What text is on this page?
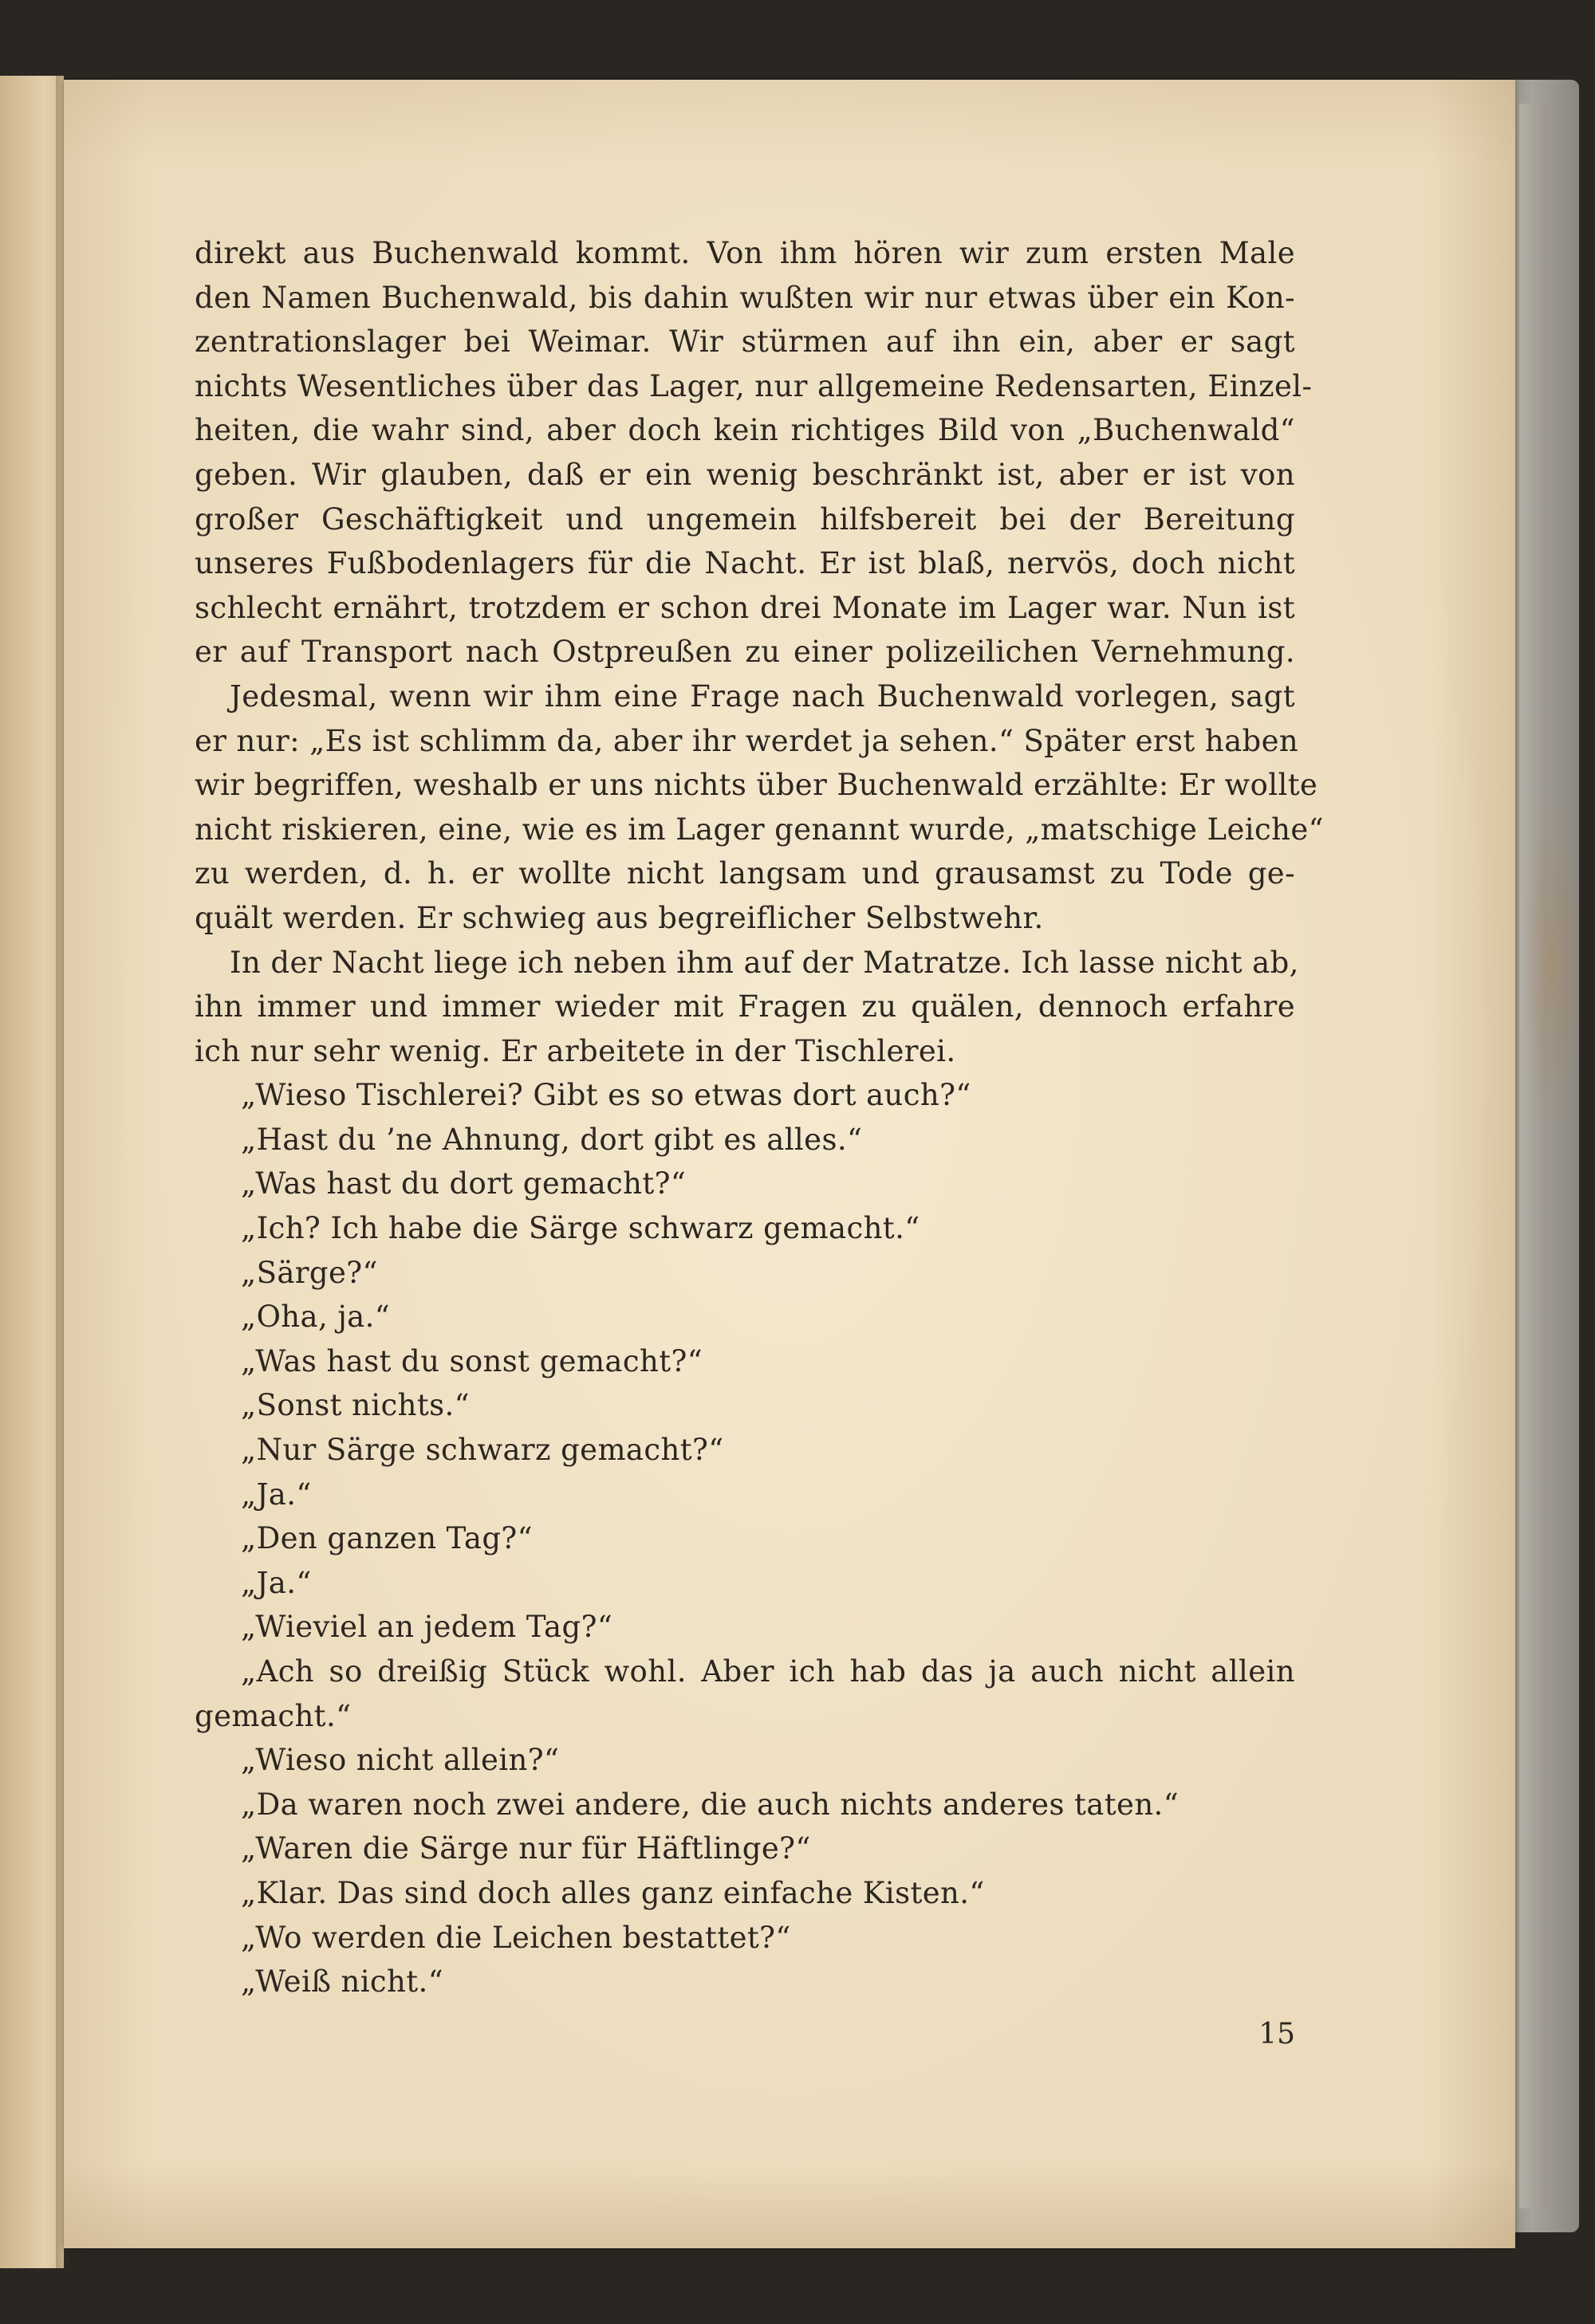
direkt aus Buchenwald kommt. Von ihm hören wir zum ersten Male
den Namen Buchenwald, bis dahin wußten wir nur etwas über ein Kon-
zentrationslager bei Weimar. Wir stürmen auf ihn ein, aber er sagt
nichts Wesentliches über das Lager, nur allgemeine Redensarten, Einzel-
heiten, die wahr sind, aber doch kein richtiges Bild von „Buchenwald“
geben. Wir glauben, daß er ein wenig beschränkt ist, aber er ist von
großer Geschäftigkeit und ungemein hilfsbereit bei der Bereitung
unseres Fußbodenlagers für die Nacht. Er ist blaß, nervös, doch nicht
schlecht ernährt, trotzdem er schon drei Monate im Lager war. Nun ist
er auf Transport nach Ostpreußen zu einer polizeilichen Vernehmung.
Jedesmal, wenn wir ihm eine Frage nach Buchenwald vorlegen, sagt
er nur: „Es ist schlimm da, aber ihr werdet ja sehen.“ Später erst haben
wir begriffen, weshalb er uns nichts über Buchenwald erzählte: Er wollte
nicht riskieren, eine, wie es im Lager genannt wurde, „matschige Leiche“
zu werden, d. h. er wollte nicht langsam und grausamst zu Tode ge-
quält werden. Er schwieg aus begreiflicher Selbstwehr.
In der Nacht liege ich neben ihm auf der Matratze. Ich lasse nicht ab,
ihn immer und immer wieder mit Fragen zu quälen, dennoch erfahre
ich nur sehr wenig. Er arbeitete in der Tischlerei.
„Wieso Tischlerei? Gibt es so etwas dort auch?“
„Hast du ’ne Ahnung, dort gibt es alles.“
„Was hast du dort gemacht?“
„Ich? Ich habe die Särge schwarz gemacht.“
„Särge?“
„Oha, ja.“
„Was hast du sonst gemacht?“
„Sonst nichts.“
„Nur Särge schwarz gemacht?“
„Ja.“
„Den ganzen Tag?“
„Ja.“
„Wieviel an jedem Tag?“
„Ach so dreißig Stück wohl. Aber ich hab das ja auch nicht allein
gemacht.“
„Wieso nicht allein?“
„Da waren noch zwei andere, die auch nichts anderes taten.“
„Waren die Särge nur für Häftlinge?“
„Klar. Das sind doch alles ganz einfache Kisten.“
„Wo werden die Leichen bestattet?“
„Weiß nicht.“
15
